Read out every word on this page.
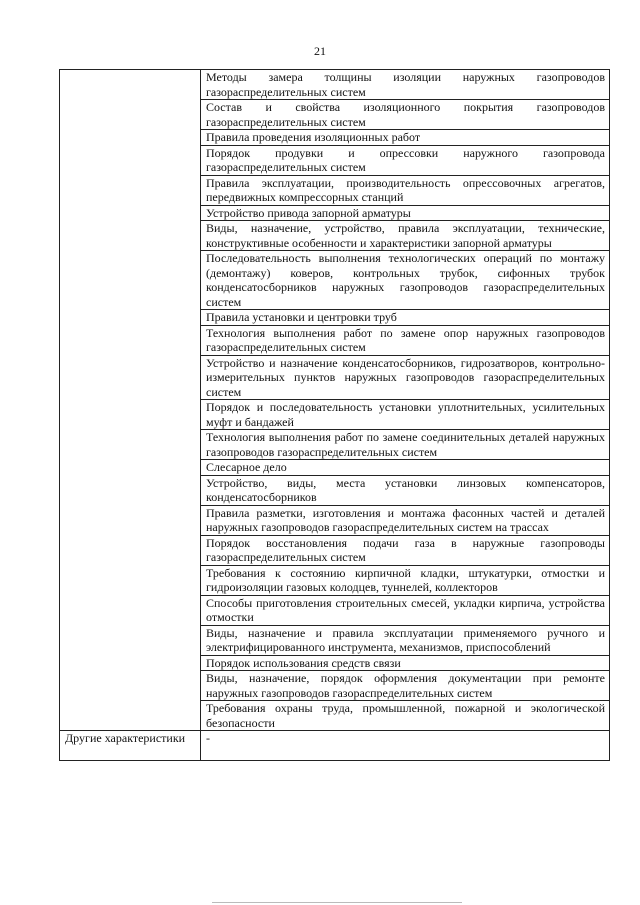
21
	Методы замера толщины изоляции наружных газопроводов газораспределительных систем
	Состав и свойства изоляционного покрытия газопроводов газораспределительных систем
	Правила проведения изоляционных работ
	Порядок продувки и опрессовки наружного газопровода газораспределительных систем
	Правила эксплуатации, производительность опрессовочных агрегатов, передвижных компрессорных станций
	Устройство привода запорной арматуры
	Виды, назначение, устройство, правила эксплуатации, технические, конструктивные особенности и характеристики запорной арматуры
	Последовательность выполнения технологических операций по монтажу (демонтажу) коверов, контрольных трубок, сифонных трубок конденсатосборников наружных газопроводов газораспределительных систем
	Правила установки и центровки труб
	Технология выполнения работ по замене опор наружных газопроводов газораспределительных систем
	Устройство и назначение конденсатосборников, гидрозатворов, контрольно-измерительных пунктов наружных газопроводов газораспределительных систем
	Порядок и последовательность установки уплотнительных, усилительных муфт и бандажей
	Технология выполнения работ по замене соединительных деталей наружных газопроводов газораспределительных систем
	Слесарное дело
	Устройство, виды, места установки линзовых компенсаторов, конденсатосборников
	Правила разметки, изготовления и монтажа фасонных частей и деталей наружных газопроводов газораспределительных систем на трассах
	Порядок восстановления подачи газа в наружные газопроводы газораспределительных систем
	Требования к состоянию кирпичной кладки, штукатурки, отмостки и гидроизоляции газовых колодцев, туннелей, коллекторов
	Способы приготовления строительных смесей, укладки кирпича, устройства отмостки
	Виды, назначение и правила эксплуатации применяемого ручного и электрифицированного инструмента, механизмов, приспособлений
	Порядок использования средств связи
	Виды, назначение, порядок оформления документации при ремонте наружных газопроводов газораспределительных систем
	Требования охраны труда, промышленной, пожарной и экологической безопасности
Другие характеристики	-
